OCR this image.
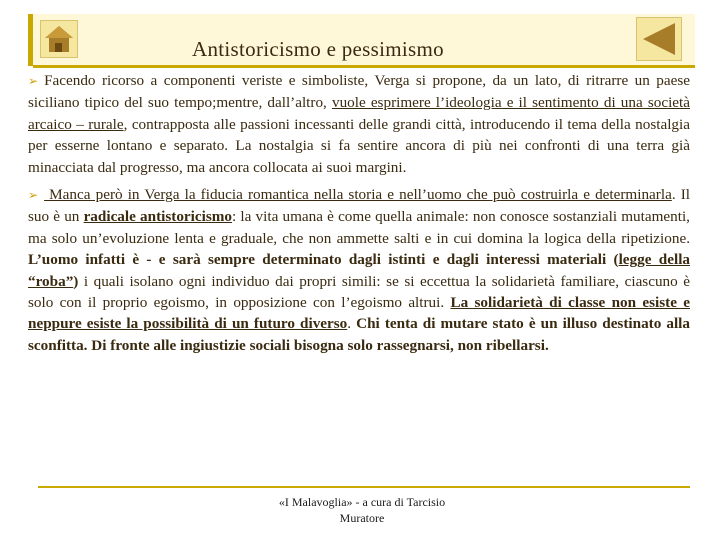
Antistoricismo e pessimismo

➢ Facendo ricorso a componenti veriste e simboliste, Verga si propone, da un lato, di ritrarre un paese siciliano tipico del suo tempo;mentre, dall’altro, vuole esprimere l’ideologia e il sentimento di una società arcaico – rurale, contrapposta alle passioni incessanti delle grandi città, introducendo il tema della nostalgia per esserne lontano e separato. La nostalgia si fa sentire ancora di più nei confronti di una terra già minacciata dal progresso, ma ancora collocata ai suoi margini.

➢ Manca però in Verga la fiducia romantica nella storia e nell’uomo che può costruirla e determinarla. Il suo è un radicale antistoricismo: la vita umana è come quella animale: non conosce sostanziali mutamenti, ma solo un’evoluzione lenta e graduale, che non ammette salti e in cui domina la logica della ripetizione. L’uomo infatti è - e sarà sempre determinato dagli istinti e dagli interessi materiali (legge della “roba”) i quali isolano ogni individuo dai propri simili: se si eccettua la solidarietà familiare, ciascuno è solo con il proprio egoismo, in opposizione con l’egoismo altrui. La solidarietà di classe non esiste e neppure esiste la possibilità di un futuro diverso. Chi tenta di mutare stato è un illuso destinato alla sconfitta. Di fronte alle ingiustizie sociali bisogna solo rassegnarsi, non ribellarsi.

«I Malavoglia» - a cura di Tarcisio
Muratore
